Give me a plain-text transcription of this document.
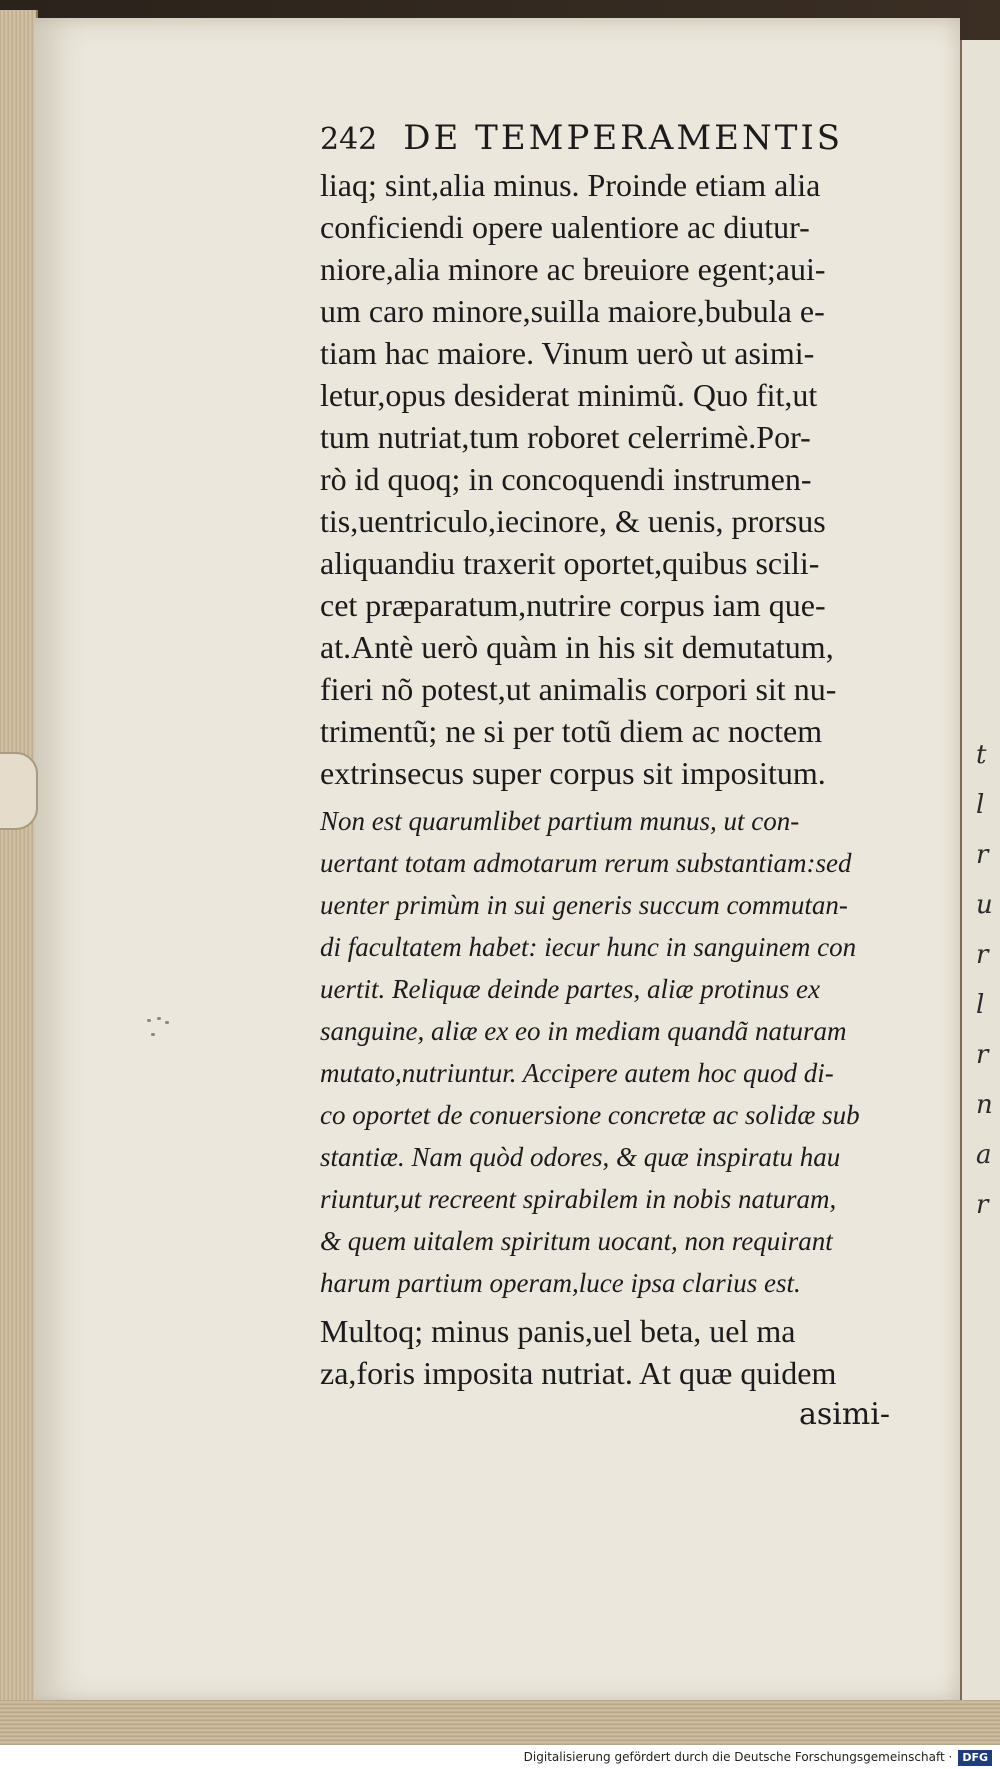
t
l
r
u
r
l
r
n
a
r
242 DE TEMPERAMENTIS
liaq; sint,alia minus. Proinde etiam alia
conficiendi opere ualentiore ac diutur-
niore,alia minore ac breuiore egent;aui-
um caro minore,suilla maiore,bubula e-
tiam hac maiore. Vinum uerò ut asimi-
letur,opus desiderat minimũ. Quo fit,ut
tum nutriat,tum roboret celerrimè.Por-
rò id quoq; in concoquendi instrumen-
tis,uentriculo,iecinore, & uenis, prorsus
aliquandiu traxerit oportet,quibus scili-
cet præparatum,nutrire corpus iam que-
at.Antè uerò quàm in his sit demutatum,
fieri nõ potest,ut animalis corpori sit nu-
trimentũ; ne si per totũ diem ac noctem
extrinsecus super corpus sit impositum.
Non est quarumlibet partium munus, ut con-
uertant totam admotarum rerum substantiam:sed
uenter primùm in sui generis succum commutan-
di facultatem habet: iecur hunc in sanguinem con
uertit. Reliquæ deinde partes, aliæ protinus ex
sanguine, aliæ ex eo in mediam quandã naturam
mutato,nutriuntur. Accipere autem hoc quod di-
co oportet de conuersione concretæ ac solidæ sub
stantiæ. Nam quòd odores, & quæ inspiratu hau
riuntur,ut recreent spirabilem in nobis naturam,
& quem uitalem spiritum uocant, non requirant
harum partium operam,luce ipsa clarius est.
Multoq; minus panis,uel beta, uel ma
za,foris imposita nutriat. At quæ quidem
asimi-
Digitalisierung gefördert durch die Deutsche Forschungsgemeinschaft · DFG
